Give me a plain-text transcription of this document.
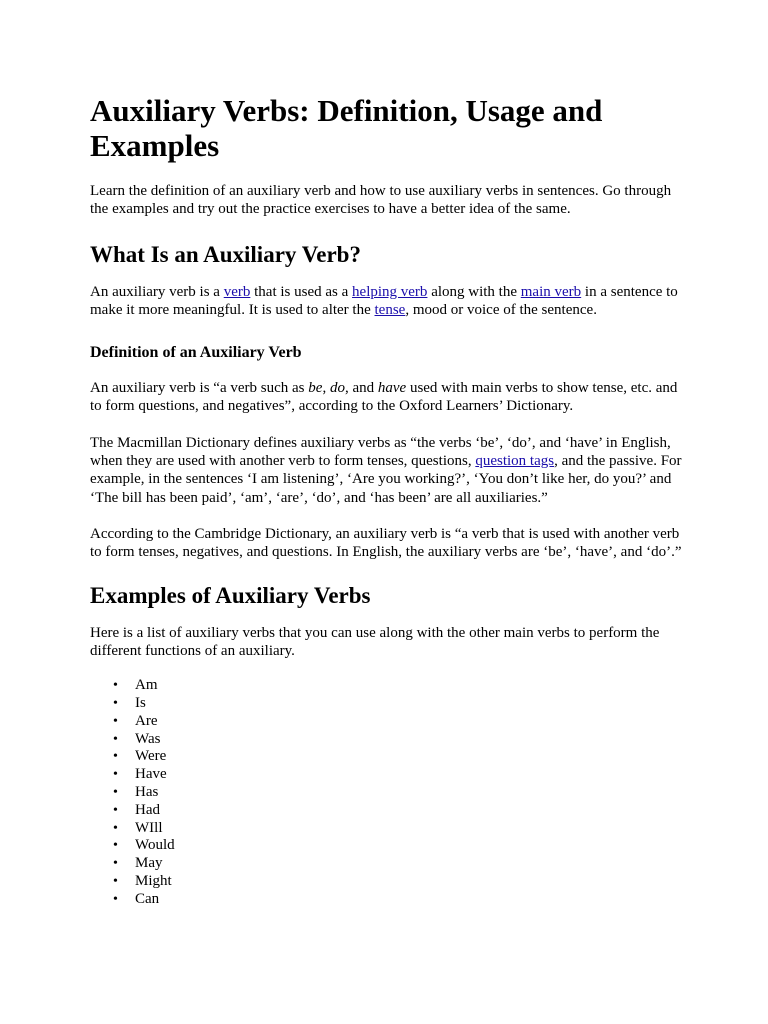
Auxiliary Verbs: Definition, Usage and Examples

Learn the definition of an auxiliary verb and how to use auxiliary verbs in sentences. Go through the examples and try out the practice exercises to have a better idea of the same.

What Is an Auxiliary Verb?

An auxiliary verb is a verb that is used as a helping verb along with the main verb in a sentence to make it more meaningful. It is used to alter the tense, mood or voice of the sentence.

Definition of an Auxiliary Verb

An auxiliary verb is “a verb such as be, do, and have used with main verbs to show tense, etc. and to form questions, and negatives”, according to the Oxford Learners’ Dictionary.

The Macmillan Dictionary defines auxiliary verbs as “the verbs ‘be’, ‘do’, and ‘have’ in English, when they are used with another verb to form tenses, questions, question tags, and the passive. For example, in the sentences ‘I am listening’, ‘Are you working?’, ‘You don’t like her, do you?’ and ‘The bill has been paid’, ‘am’, ‘are’, ‘do’, and ‘has been’ are all auxiliaries.”

According to the Cambridge Dictionary, an auxiliary verb is “a verb that is used with another verb to form tenses, negatives, and questions. In English, the auxiliary verbs are ‘be’, ‘have’, and ‘do’.”

Examples of Auxiliary Verbs

Here is a list of auxiliary verbs that you can use along with the other main verbs to perform the different functions of an auxiliary.

• Am
• Is
• Are
• Was
• Were
• Have
• Has
• Had
• WIll
• Would
• May
• Might
• Can
